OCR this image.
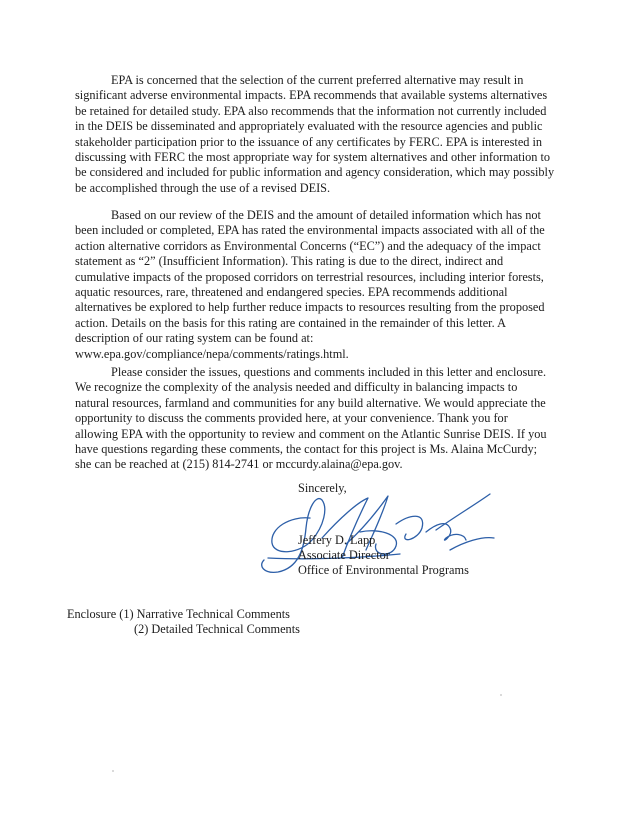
EPA is concerned that the selection of the current preferred alternative may result in
significant adverse environmental impacts. EPA recommends that available systems alternatives
be retained for detailed study. EPA also recommends that the information not currently included
in the DEIS be disseminated and appropriately evaluated with the resource agencies and public
stakeholder participation prior to the issuance of any certificates by FERC. EPA is interested in
discussing with FERC the most appropriate way for system alternatives and other information to
be considered and included for public information and agency consideration, which may possibly
be accomplished through the use of a revised DEIS.

Based on our review of the DEIS and the amount of detailed information which has not
been included or completed, EPA has rated the environmental impacts associated with all of the
action alternative corridors as Environmental Concerns (“EC”) and the adequacy of the impact
statement as “2” (Insufficient Information). This rating is due to the direct, indirect and
cumulative impacts of the proposed corridors on terrestrial resources, including interior forests,
aquatic resources, rare, threatened and endangered species. EPA recommends additional
alternatives be explored to help further reduce impacts to resources resulting from the proposed
action. Details on the basis for this rating are contained in the remainder of this letter. A
description of our rating system can be found at:
www.epa.gov/compliance/nepa/comments/ratings.html.

Please consider the issues, questions and comments included in this letter and enclosure.
We recognize the complexity of the analysis needed and difficulty in balancing impacts to
natural resources, farmland and communities for any build alternative. We would appreciate the
opportunity to discuss the comments provided here, at your convenience. Thank you for
allowing EPA with the opportunity to review and comment on the Atlantic Sunrise DEIS. If you
have questions regarding these comments, the contact for this project is Ms. Alaina McCurdy;
she can be reached at (215) 814-2741 or mccurdy.alaina@epa.gov.

Sincerely,

Jeffery D. Lapp
Associate Director
Office of Environmental Programs
Enclosure (1) Narrative Technical Comments
(2) Detailed Technical Comments
